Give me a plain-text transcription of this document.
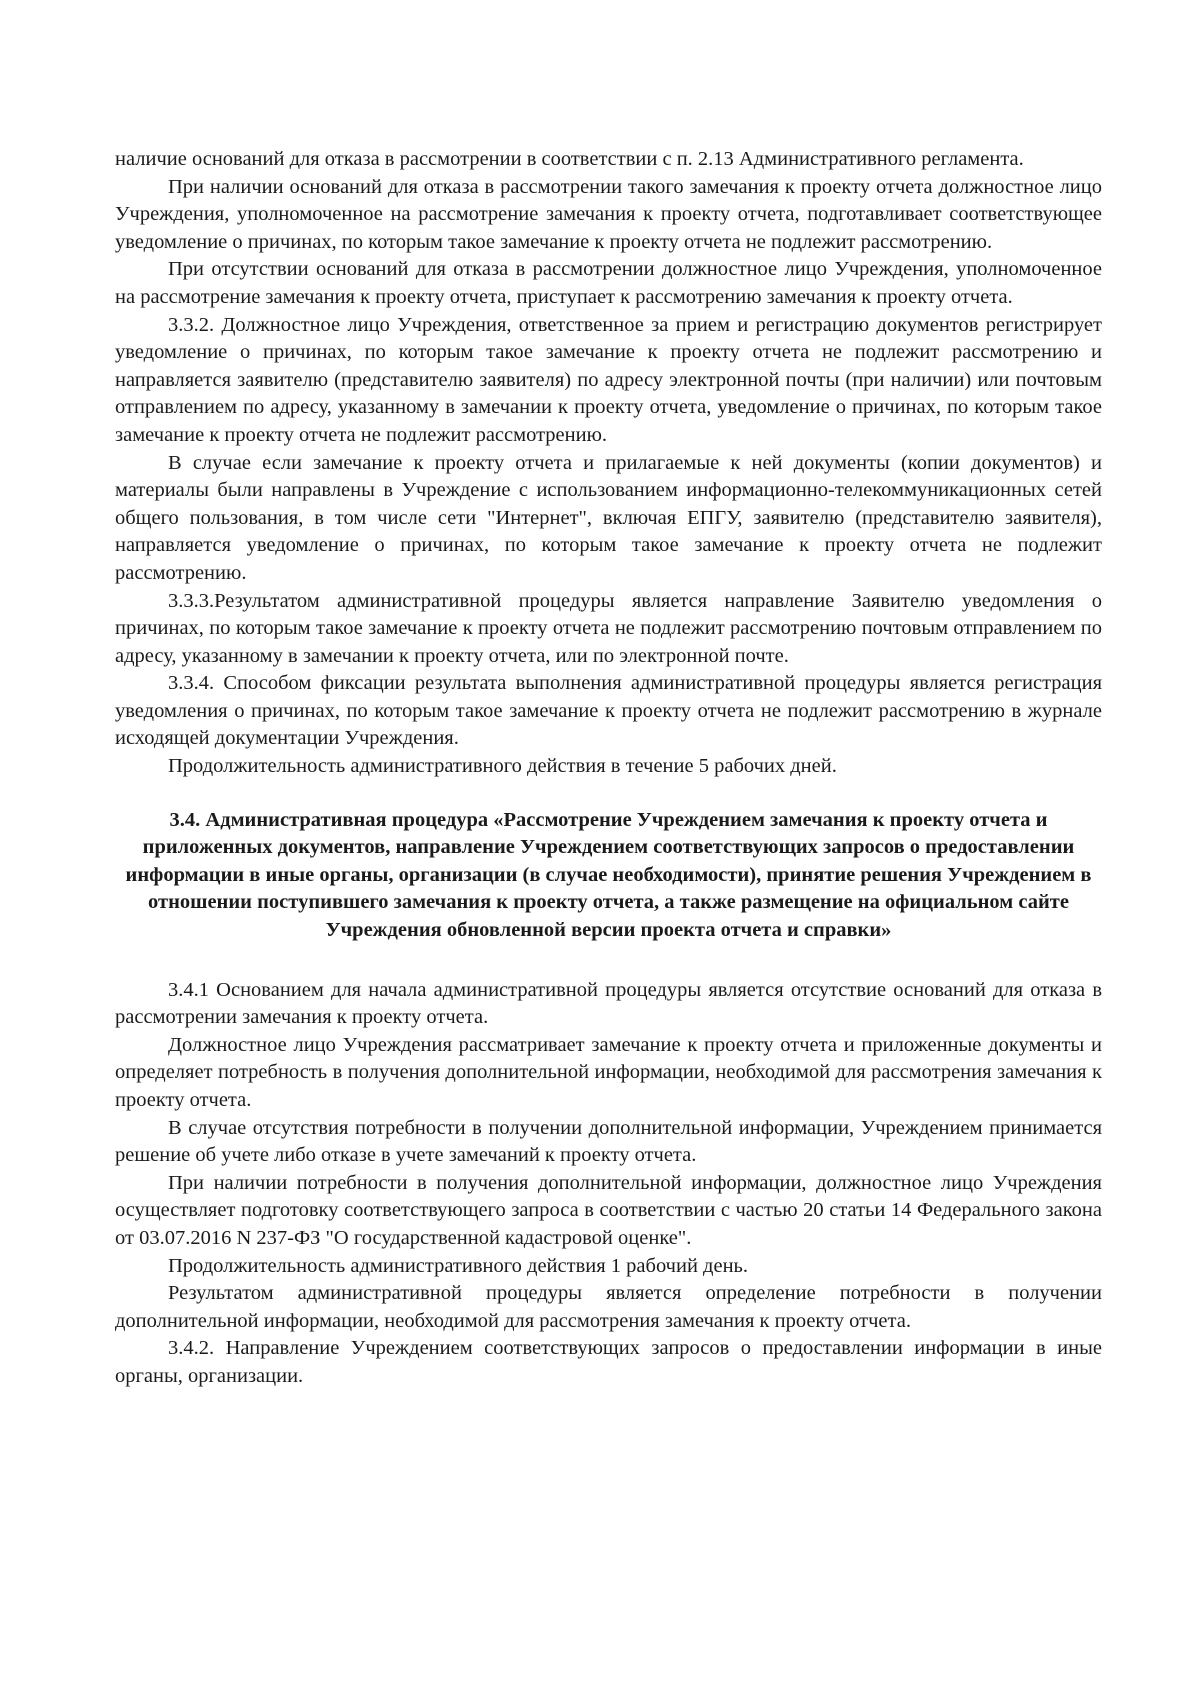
наличие оснований для отказа в рассмотрении в соответствии с п. 2.13 Административного регламента.

При наличии оснований для отказа в рассмотрении такого замечания к проекту отчета должностное лицо Учреждения, уполномоченное на рассмотрение замечания к проекту отчета, подготавливает соответствующее уведомление о причинах, по которым такое замечание к проекту отчета не подлежит рассмотрению.

При отсутствии оснований для отказа в рассмотрении должностное лицо Учреждения, уполномоченное на рассмотрение замечания к проекту отчета, приступает к рассмотрению замечания к проекту отчета.

3.3.2. Должностное лицо Учреждения, ответственное за прием и регистрацию документов регистрирует уведомление о причинах, по которым такое замечание к проекту отчета не подлежит рассмотрению и направляется заявителю (представителю заявителя) по адресу электронной почты (при наличии) или почтовым отправлением по адресу, указанному в замечании к проекту отчета, уведомление о причинах, по которым такое замечание к проекту отчета не подлежит рассмотрению.

В случае если замечание к проекту отчета и прилагаемые к ней документы (копии документов) и материалы были направлены в Учреждение с использованием информационно-телекоммуникационных сетей общего пользования, в том числе сети "Интернет", включая ЕПГУ, заявителю (представителю заявителя), направляется уведомление о причинах, по которым такое замечание к проекту отчета не подлежит рассмотрению.

3.3.3.Результатом административной процедуры является направление Заявителю уведомления о причинах, по которым такое замечание к проекту отчета не подлежит рассмотрению почтовым отправлением по адресу, указанному в замечании к проекту отчета, или по электронной почте.

3.3.4. Способом фиксации результата выполнения административной процедуры является регистрация уведомления о причинах, по которым такое замечание к проекту отчета не подлежит рассмотрению в журнале исходящей документации Учреждения.

Продолжительность административного действия в течение 5 рабочих дней.

3.4. Административная процедура «Рассмотрение Учреждением замечания к проекту отчета и приложенных документов, направление Учреждением соответствующих запросов о предоставлении информации в иные органы, организации (в случае необходимости), принятие решения Учреждением в отношении поступившего замечания к проекту отчета, а также размещение на официальном сайте Учреждения обновленной версии проекта отчета и справки»

3.4.1 Основанием для начала административной процедуры является отсутствие оснований для отказа в рассмотрении замечания к проекту отчета.

Должностное лицо Учреждения рассматривает замечание к проекту отчета и приложенные документы и определяет потребность в получения дополнительной информации, необходимой для рассмотрения замечания к проекту отчета.

В случае отсутствия потребности в получении дополнительной информации, Учреждением принимается решение об учете либо отказе в учете замечаний к проекту отчета.

При наличии потребности в получения дополнительной информации, должностное лицо Учреждения осуществляет подготовку соответствующего запроса в соответствии с частью 20 статьи 14 Федерального закона от 03.07.2016 N 237-ФЗ "О государственной кадастровой оценке".

Продолжительность административного действия 1 рабочий день.

Результатом административной процедуры является определение потребности в получении дополнительной информации, необходимой для рассмотрения замечания к проекту отчета.

3.4.2. Направление Учреждением соответствующих запросов о предоставлении информации в иные органы, организации.
